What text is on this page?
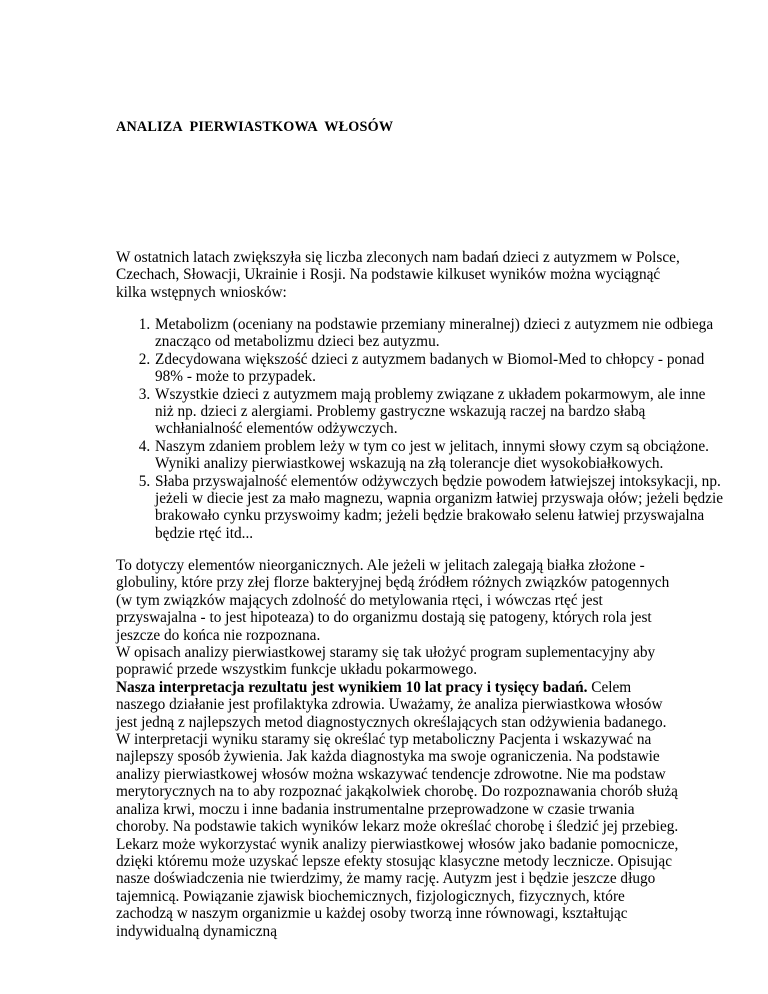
ANALIZA  PIERWIASTKOWA  WŁOSÓW

W ostatnich latach zwiększyła się liczba zleconych nam badań dzieci z autyzmem w Polsce, Czechach, Słowacji, Ukrainie i Rosji. Na podstawie kilkuset wyników można wyciągnąć kilka wstępnych wniosków:

1. Metabolizm (oceniany na podstawie przemiany mineralnej) dzieci z autyzmem nie odbiega znacząco od metabolizmu dzieci bez autyzmu.
2. Zdecydowana większość dzieci z autyzmem badanych w Biomol-Med to chłopcy - ponad 98% - może to przypadek.
3. Wszystkie dzieci z autyzmem mają problemy związane z układem pokarmowym, ale inne niż np. dzieci z alergiami. Problemy gastryczne wskazują raczej na bardzo słabą wchłanialność elementów odżywczych.
4. Naszym zdaniem problem leży w tym co jest w jelitach, innymi słowy czym są obciążone. Wyniki analizy pierwiastkowej wskazują na złą tolerancje diet wysokobiałkowych.
5. Słaba przyswajalność elementów odżywczych będzie powodem łatwiejszej intoksykacji, np. jeżeli w diecie jest za mało magnezu, wapnia organizm łatwiej przyswaja ołów; jeżeli będzie brakowało cynku przyswoimy kadm; jeżeli będzie brakowało selenu łatwiej przyswajalna będzie rtęć itd...

To dotyczy elementów nieorganicznych. Ale jeżeli w jelitach zalegają białka złożone - globuliny, które przy złej florze bakteryjnej będą źródłem różnych związków patogennych (w tym związków mających zdolność do metylowania rtęci, i wówczas rtęć jest przyswajalna - to jest hipoteaza) to do organizmu dostają się patogeny, których rola jest jeszcze do końca nie rozpoznana.

W opisach analizy pierwiastkowej staramy się tak ułożyć program suplementacyjny aby poprawić przede wszystkim funkcje układu pokarmowego.

Nasza interpretacja rezultatu jest wynikiem 10 lat pracy i tysięcy badań. Celem naszego działanie jest profilaktyka zdrowia. Uważamy, że analiza pierwiastkowa włosów jest jedną z najlepszych metod diagnostycznych określających stan odżywienia badanego. W interpretacji wyniku staramy się określać typ metaboliczny Pacjenta i wskazywać na najlepszy sposób żywienia. Jak każda diagnostyka ma swoje ograniczenia. Na podstawie analizy pierwiastkowej włosów można wskazywać tendencje zdrowotne. Nie ma podstaw merytorycznych na to aby rozpoznać jakąkolwiek chorobę. Do rozpoznawania chorób służą analiza krwi, moczu i inne badania instrumentalne przeprowadzone w czasie trwania choroby. Na podstawie takich wyników lekarz może określać chorobę i śledzić jej przebieg. Lekarz może wykorzystać wynik analizy pierwiastkowej włosów jako badanie pomocnicze, dzięki któremu może uzyskać lepsze efekty stosując klasyczne metody lecznicze. Opisując nasze doświadczenia nie twierdzimy, że mamy rację. Autyzm jest i będzie jeszcze długo tajemnicą. Powiązanie zjawisk biochemicznych, fizjologicznych, fizycznych, które zachodzą w naszym organizmie u każdej osoby tworzą inne równowagi, kształtując indywidualną dynamiczną
